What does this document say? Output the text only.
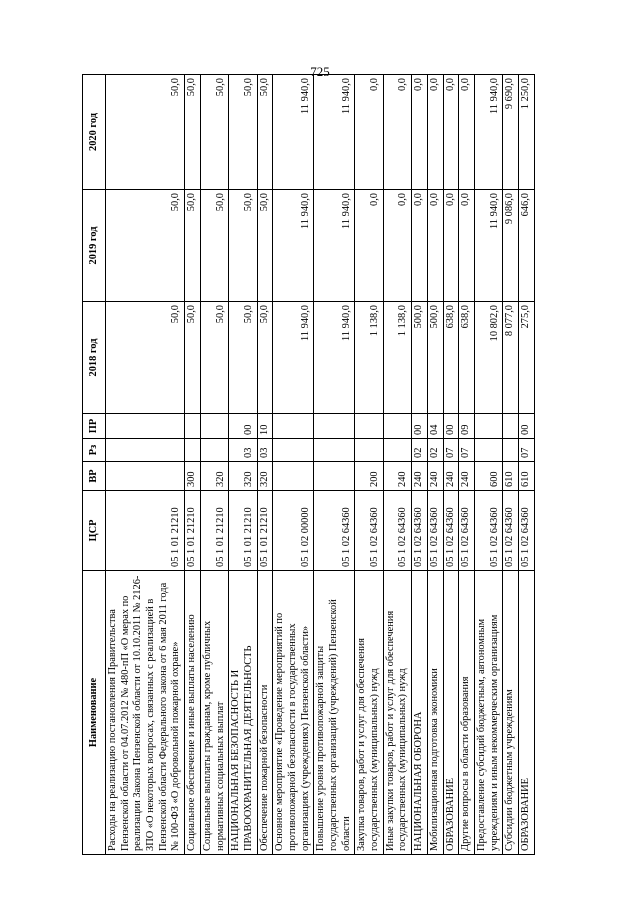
725
Наименование	ЦСР	ВР	Рз	ПР	2018 год	2019 год	2020 год
Расходы на реализацию постановления Правительства Пензенской области от 04.07.2012 № 480-пП «О мерах по реализации Закона Пензенской области от 10.10.2011 № 2126-ЗПО «О некоторых вопросах, связанных с реализацией в Пензенской области Федерального закона от 6 мая 2011 года № 100-ФЗ «О добровольной пожарной охране»	05 1 01 21210				50,0	50,0	50,0
Социальное обеспечение и иные выплаты населению	05 1 01 21210	300			50,0	50,0	50,0
Социальные выплаты гражданам, кроме публичных нормативных социальных выплат	05 1 01 21210	320			50,0	50,0	50,0
НАЦИОНАЛЬНАЯ БЕЗОПАСНОСТЬ И ПРАВООХРАНИТЕЛЬНАЯ ДЕЯТЕЛЬНОСТЬ	05 1 01 21210	320	03	00	50,0	50,0	50,0
Обеспечение пожарной безопасности	05 1 01 21210	320	03	10	50,0	50,0	50,0
Основное мероприятие «Проведение мероприятий по противопожарной безопасности в государственных организациях (учреждениях) Пензенской области»	05 1 02 00000				11 940,0	11 940,0	11 940,0
Повышение уровня противопожарной защиты государственных организаций (учреждений) Пензенской области	05 1 02 64360				11 940,0	11 940,0	11 940,0
Закупка товаров, работ и услуг для обеспечения государственных (муниципальных) нужд	05 1 02 64360	200			1 138,0	0,0	0,0
Иные закупки товаров, работ и услуг для обеспечения государственных (муниципальных) нужд	05 1 02 64360	240			1 138,0	0,0	0,0
НАЦИОНАЛЬНАЯ ОБОРОНА	05 1 02 64360	240	02	00	500,0	0,0	0,0
Мобилизационная подготовка экономики	05 1 02 64360	240	02	04	500,0	0,0	0,0
ОБРАЗОВАНИЕ	05 1 02 64360	240	07	00	638,0	0,0	0,0
Другие вопросы в области образования	05 1 02 64360	240	07	09	638,0	0,0	0,0
Предоставление субсидий бюджетным, автономным учреждениям и иным некоммерческим организациям	05 1 02 64360	600			10 802,0	11 940,0	11 940,0
Субсидии бюджетным учреждениям	05 1 02 64360	610			8 077,0	9 086,0	9 690,0
ОБРАЗОВАНИЕ	05 1 02 64360	610	07	00	275,0	646,0	1 250,0
